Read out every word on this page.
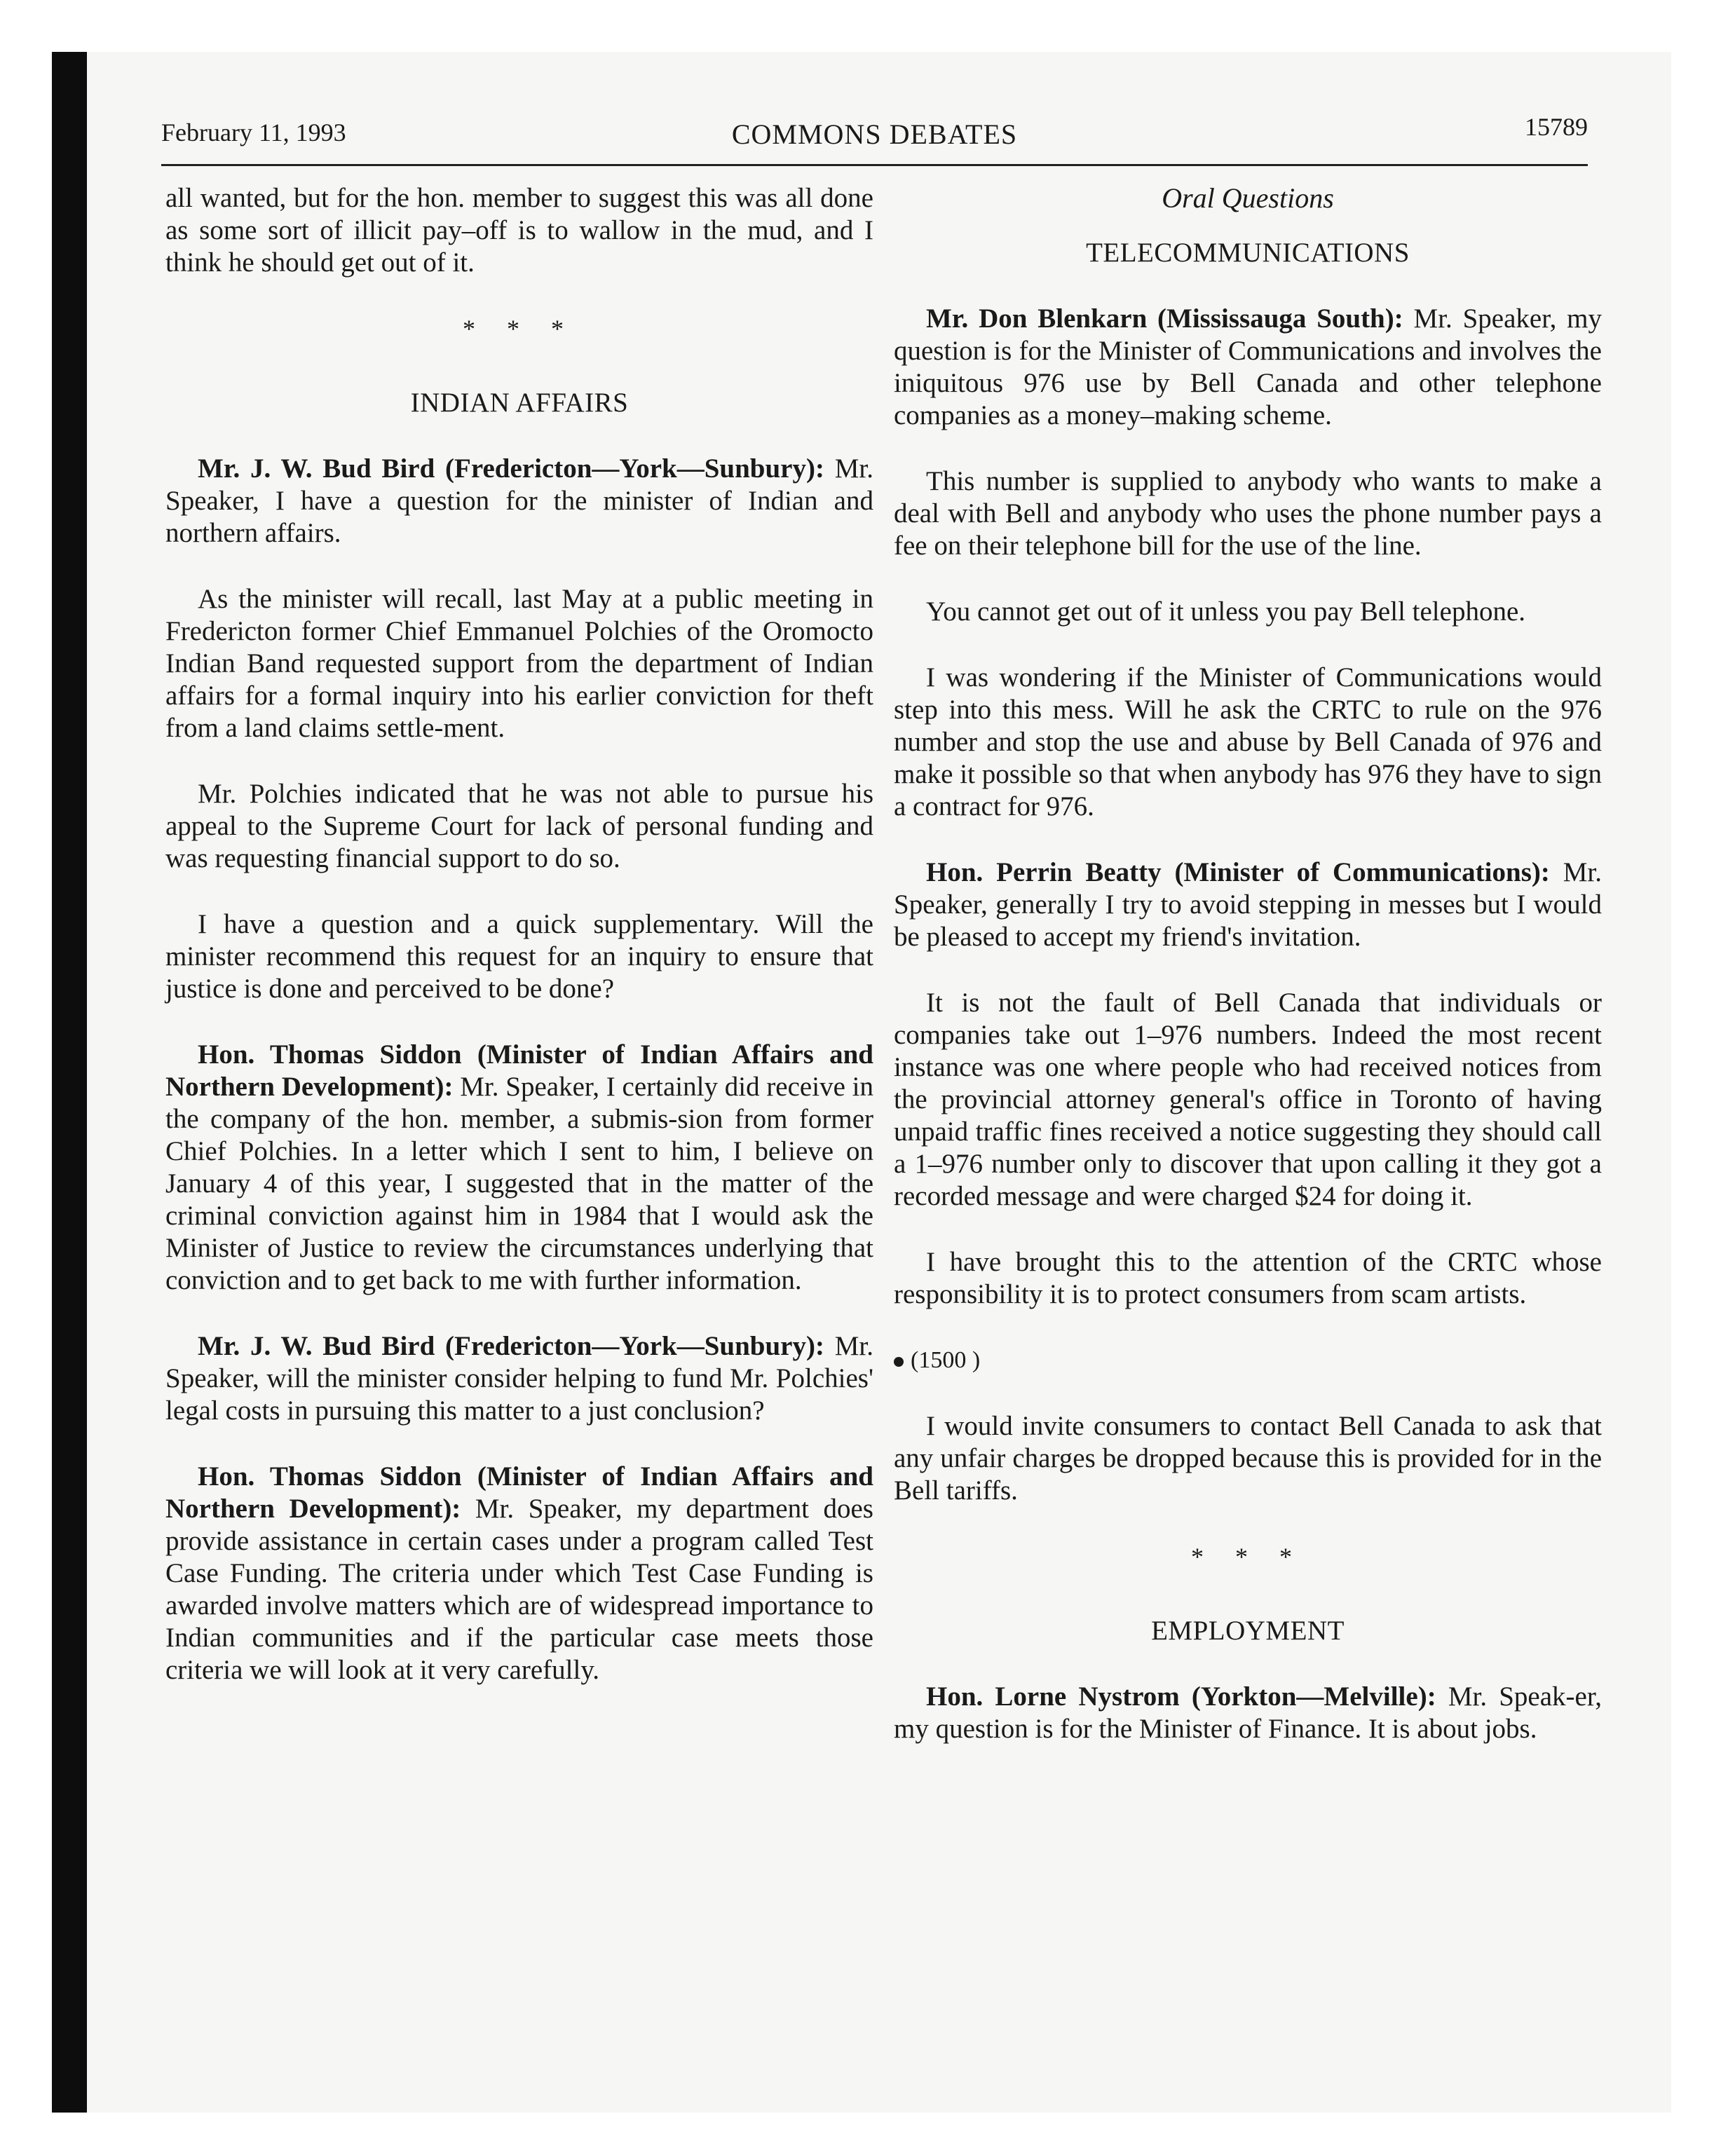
February 11, 1993	COMMONS DEBATES	15789

all wanted, but for the hon. member to suggest this was all done as some sort of illicit pay–off is to wallow in the mud, and I think he should get out of it.

* * *
INDIAN AFFAIRS

Mr. J. W. Bud Bird (Fredericton—York—Sunbury): Mr. Speaker, I have a question for the minister of Indian and northern affairs.

As the minister will recall, last May at a public meeting in Fredericton former Chief Emmanuel Polchies of the Oromocto Indian Band requested support from the department of Indian affairs for a formal inquiry into his earlier conviction for theft from a land claims settle-ment.

Mr. Polchies indicated that he was not able to pursue his appeal to the Supreme Court for lack of personal funding and was requesting financial support to do so.

I have a question and a quick supplementary. Will the minister recommend this request for an inquiry to ensure that justice is done and perceived to be done?

Hon. Thomas Siddon (Minister of Indian Affairs and Northern Development): Mr. Speaker, I certainly did receive in the company of the hon. member, a submis-sion from former Chief Polchies. In a letter which I sent to him, I believe on January 4 of this year, I suggested that in the matter of the criminal conviction against him in 1984 that I would ask the Minister of Justice to review the circumstances underlying that conviction and to get back to me with further information.

Mr. J. W. Bud Bird (Fredericton—York—Sunbury): Mr. Speaker, will the minister consider helping to fund Mr. Polchies' legal costs in pursuing this matter to a just conclusion?

Hon. Thomas Siddon (Minister of Indian Affairs and Northern Development): Mr. Speaker, my department does provide assistance in certain cases under a program called Test Case Funding. The criteria under which Test Case Funding is awarded involve matters which are of widespread importance to Indian communities and if the particular case meets those criteria we will look at it very carefully.

Oral Questions
TELECOMMUNICATIONS

Mr. Don Blenkarn (Mississauga South): Mr. Speaker, my question is for the Minister of Communications and involves the iniquitous 976 use by Bell Canada and other telephone companies as a money–making scheme.

This number is supplied to anybody who wants to make a deal with Bell and anybody who uses the phone number pays a fee on their telephone bill for the use of the line.

You cannot get out of it unless you pay Bell telephone.

I was wondering if the Minister of Communications would step into this mess. Will he ask the CRTC to rule on the 976 number and stop the use and abuse by Bell Canada of 976 and make it possible so that when anybody has 976 they have to sign a contract for 976.

Hon. Perrin Beatty (Minister of Communications): Mr. Speaker, generally I try to avoid stepping in messes but I would be pleased to accept my friend's invitation.

It is not the fault of Bell Canada that individuals or companies take out 1–976 numbers. Indeed the most recent instance was one where people who had received notices from the provincial attorney general's office in Toronto of having unpaid traffic fines received a notice suggesting they should call a 1–976 number only to discover that upon calling it they got a recorded message and were charged $24 for doing it.

I have brought this to the attention of the CRTC whose responsibility it is to protect consumers from scam artists.

(1500 )

I would invite consumers to contact Bell Canada to ask that any unfair charges be dropped because this is provided for in the Bell tariffs.

* * *
EMPLOYMENT

Hon. Lorne Nystrom (Yorkton—Melville): Mr. Speak-er, my question is for the Minister of Finance. It is about jobs.
